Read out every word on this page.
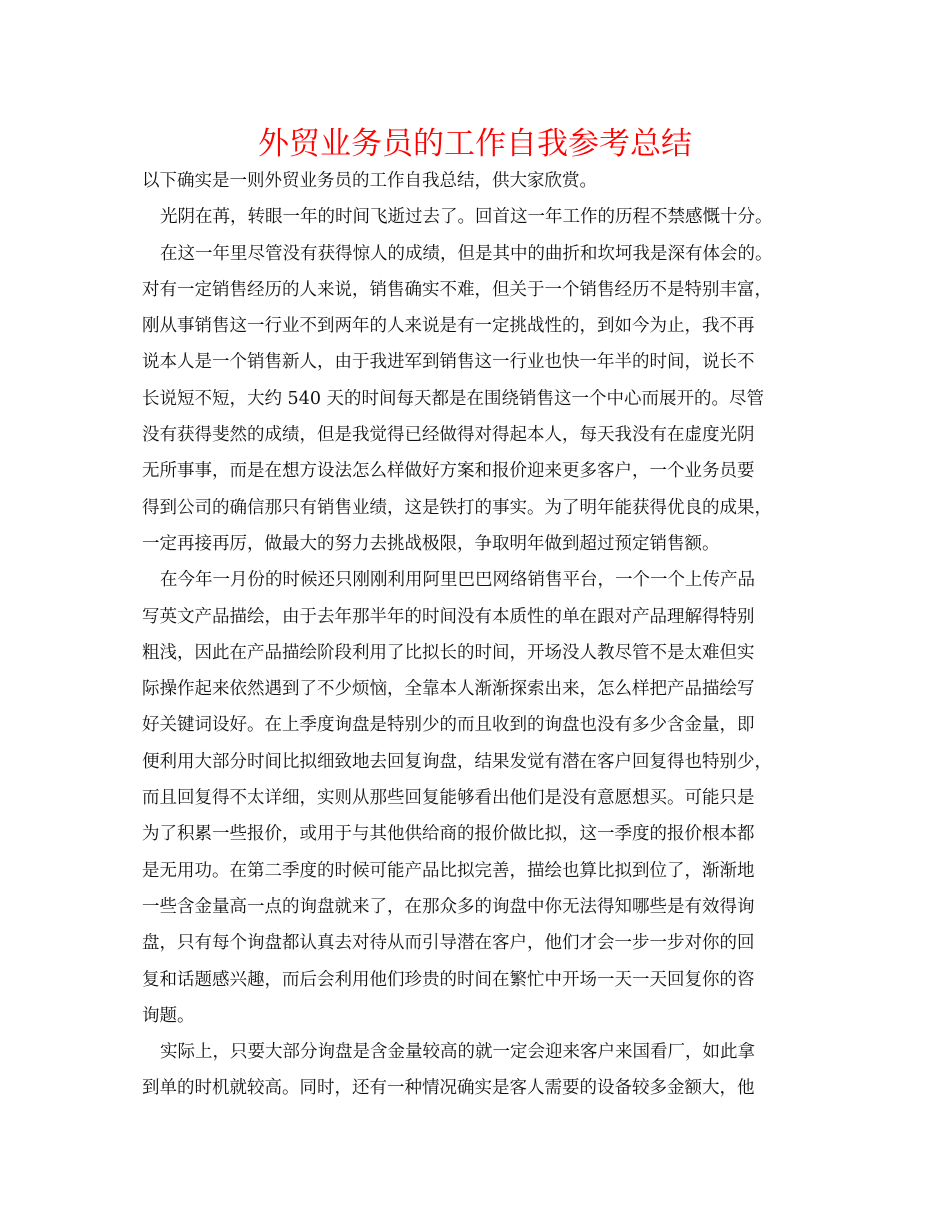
外贸业务员的工作自我参考总结
以下确实是一则外贸业务员的工作自我总结，供大家欣赏。
光阴在苒，转眼一年的时间飞逝过去了。回首这一年工作的历程不禁感慨十分。
在这一年里尽管没有获得惊人的成绩，但是其中的曲折和坎坷我是深有体会的。
对有一定销售经历的人来说，销售确实不难，但关于一个销售经历不是特别丰富，
刚从事销售这一行业不到两年的人来说是有一定挑战性的，到如今为止，我不再
说本人是一个销售新人，由于我进军到销售这一行业也快一年半的时间，说长不
长说短不短，大约 540 天的时间每天都是在围绕销售这一个中心而展开的。尽管
没有获得斐然的成绩，但是我觉得已经做得对得起本人，每天我没有在虚度光阴
无所事事，而是在想方设法怎么样做好方案和报价迎来更多客户，一个业务员要
得到公司的确信那只有销售业绩，这是铁打的事实。为了明年能获得优良的成果，
一定再接再厉，做最大的努力去挑战极限，争取明年做到超过预定销售额。
在今年一月份的时候还只刚刚利用阿里巴巴网络销售平台，一个一个上传产品
写英文产品描绘，由于去年那半年的时间没有本质性的单在跟对产品理解得特别
粗浅，因此在产品描绘阶段利用了比拟长的时间，开场没人教尽管不是太难但实
际操作起来依然遇到了不少烦恼，全靠本人渐渐探索出来，怎么样把产品描绘写
好关键词设好。在上季度询盘是特别少的而且收到的询盘也没有多少含金量，即
便利用大部分时间比拟细致地去回复询盘，结果发觉有潜在客户回复得也特别少，
而且回复得不太详细，实则从那些回复能够看出他们是没有意愿想买。可能只是
为了积累一些报价，或用于与其他供给商的报价做比拟，这一季度的报价根本都
是无用功。在第二季度的时候可能产品比拟完善，描绘也算比拟到位了，渐渐地
一些含金量高一点的询盘就来了，在那众多的询盘中你无法得知哪些是有效得询
盘，只有每个询盘都认真去对待从而引导潜在客户，他们才会一步一步对你的回
复和话题感兴趣，而后会利用他们珍贵的时间在繁忙中开场一天一天回复你的咨
询题。
实际上，只要大部分询盘是含金量较高的就一定会迎来客户来国看厂，如此拿
到单的时机就较高。同时，还有一种情况确实是客人需要的设备较多金额大，他
